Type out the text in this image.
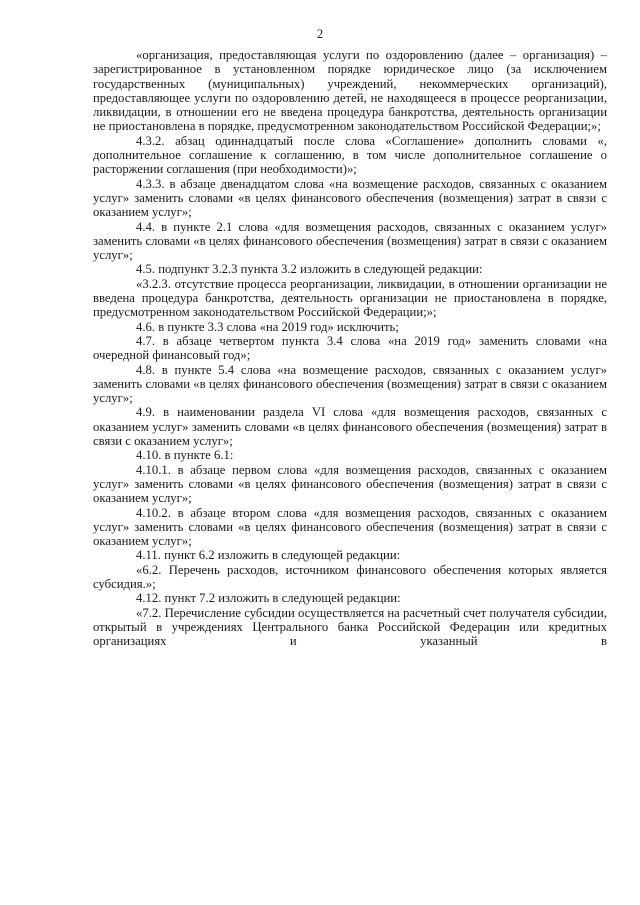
2

«организация, предоставляющая услуги по оздоровлению (далее – организация) – зарегистрированное в установленном порядке юридическое лицо (за исключением государственных (муниципальных) учреждений, некоммерческих организаций), предоставляющее услуги по оздоровлению детей, не находящееся в процессе реорганизации, ликвидации, в отношении его не введена процедура банкротства, деятельность организации не приостановлена в порядке, предусмотренном законодательством Российской Федерации;»;

4.3.2. абзац одиннадцатый после слова «Соглашение» дополнить словами «, дополнительное соглашение к соглашению, в том числе дополнительное соглашение о расторжении соглашения (при необходимости)»;

4.3.3. в абзаце двенадцатом слова «на возмещение расходов, связанных с оказанием услуг» заменить словами «в целях финансового обеспечения (возмещения) затрат в связи с оказанием услуг»;

4.4. в пункте 2.1 слова «для возмещения расходов, связанных с оказанием услуг» заменить словами «в целях финансового обеспечения (возмещения) затрат в связи с оказанием услуг»;

4.5. подпункт 3.2.3 пункта 3.2 изложить в следующей редакции:

«3.2.3. отсутствие процесса реорганизации, ликвидации, в отношении организации не введена процедура банкротства, деятельность организации не приостановлена в порядке, предусмотренном законодательством Российской Федерации;»;

4.6. в пункте 3.3 слова «на 2019 год» исключить;

4.7. в абзаце четвертом пункта 3.4 слова «на 2019 год» заменить словами «на очередной финансовый год»;

4.8. в пункте 5.4 слова «на возмещение расходов, связанных с оказанием услуг» заменить словами «в целях финансового обеспечения (возмещения) затрат в связи с оказанием услуг»;

4.9. в наименовании раздела VI слова «для возмещения расходов, связанных с оказанием услуг» заменить словами «в целях финансового обеспечения (возмещения) затрат в связи с оказанием услуг»;

4.10. в пункте 6.1:

4.10.1. в абзаце первом слова «для возмещения расходов, связанных с оказанием услуг» заменить словами «в целях финансового обеспечения (возмещения) затрат в связи с оказанием услуг»;

4.10.2. в абзаце втором слова «для возмещения расходов, связанных с оказанием услуг» заменить словами «в целях финансового обеспечения (возмещения) затрат в связи с оказанием услуг»;

4.11. пункт 6.2 изложить в следующей редакции:

«6.2. Перечень расходов, источником финансового обеспечения которых является субсидия.»;

4.12. пункт 7.2 изложить в следующей редакции:

«7.2. Перечисление субсидии осуществляется на расчетный счет получателя субсидии, открытый в учреждениях Центрального банка Российской Федерации или кредитных организациях и указанный в
